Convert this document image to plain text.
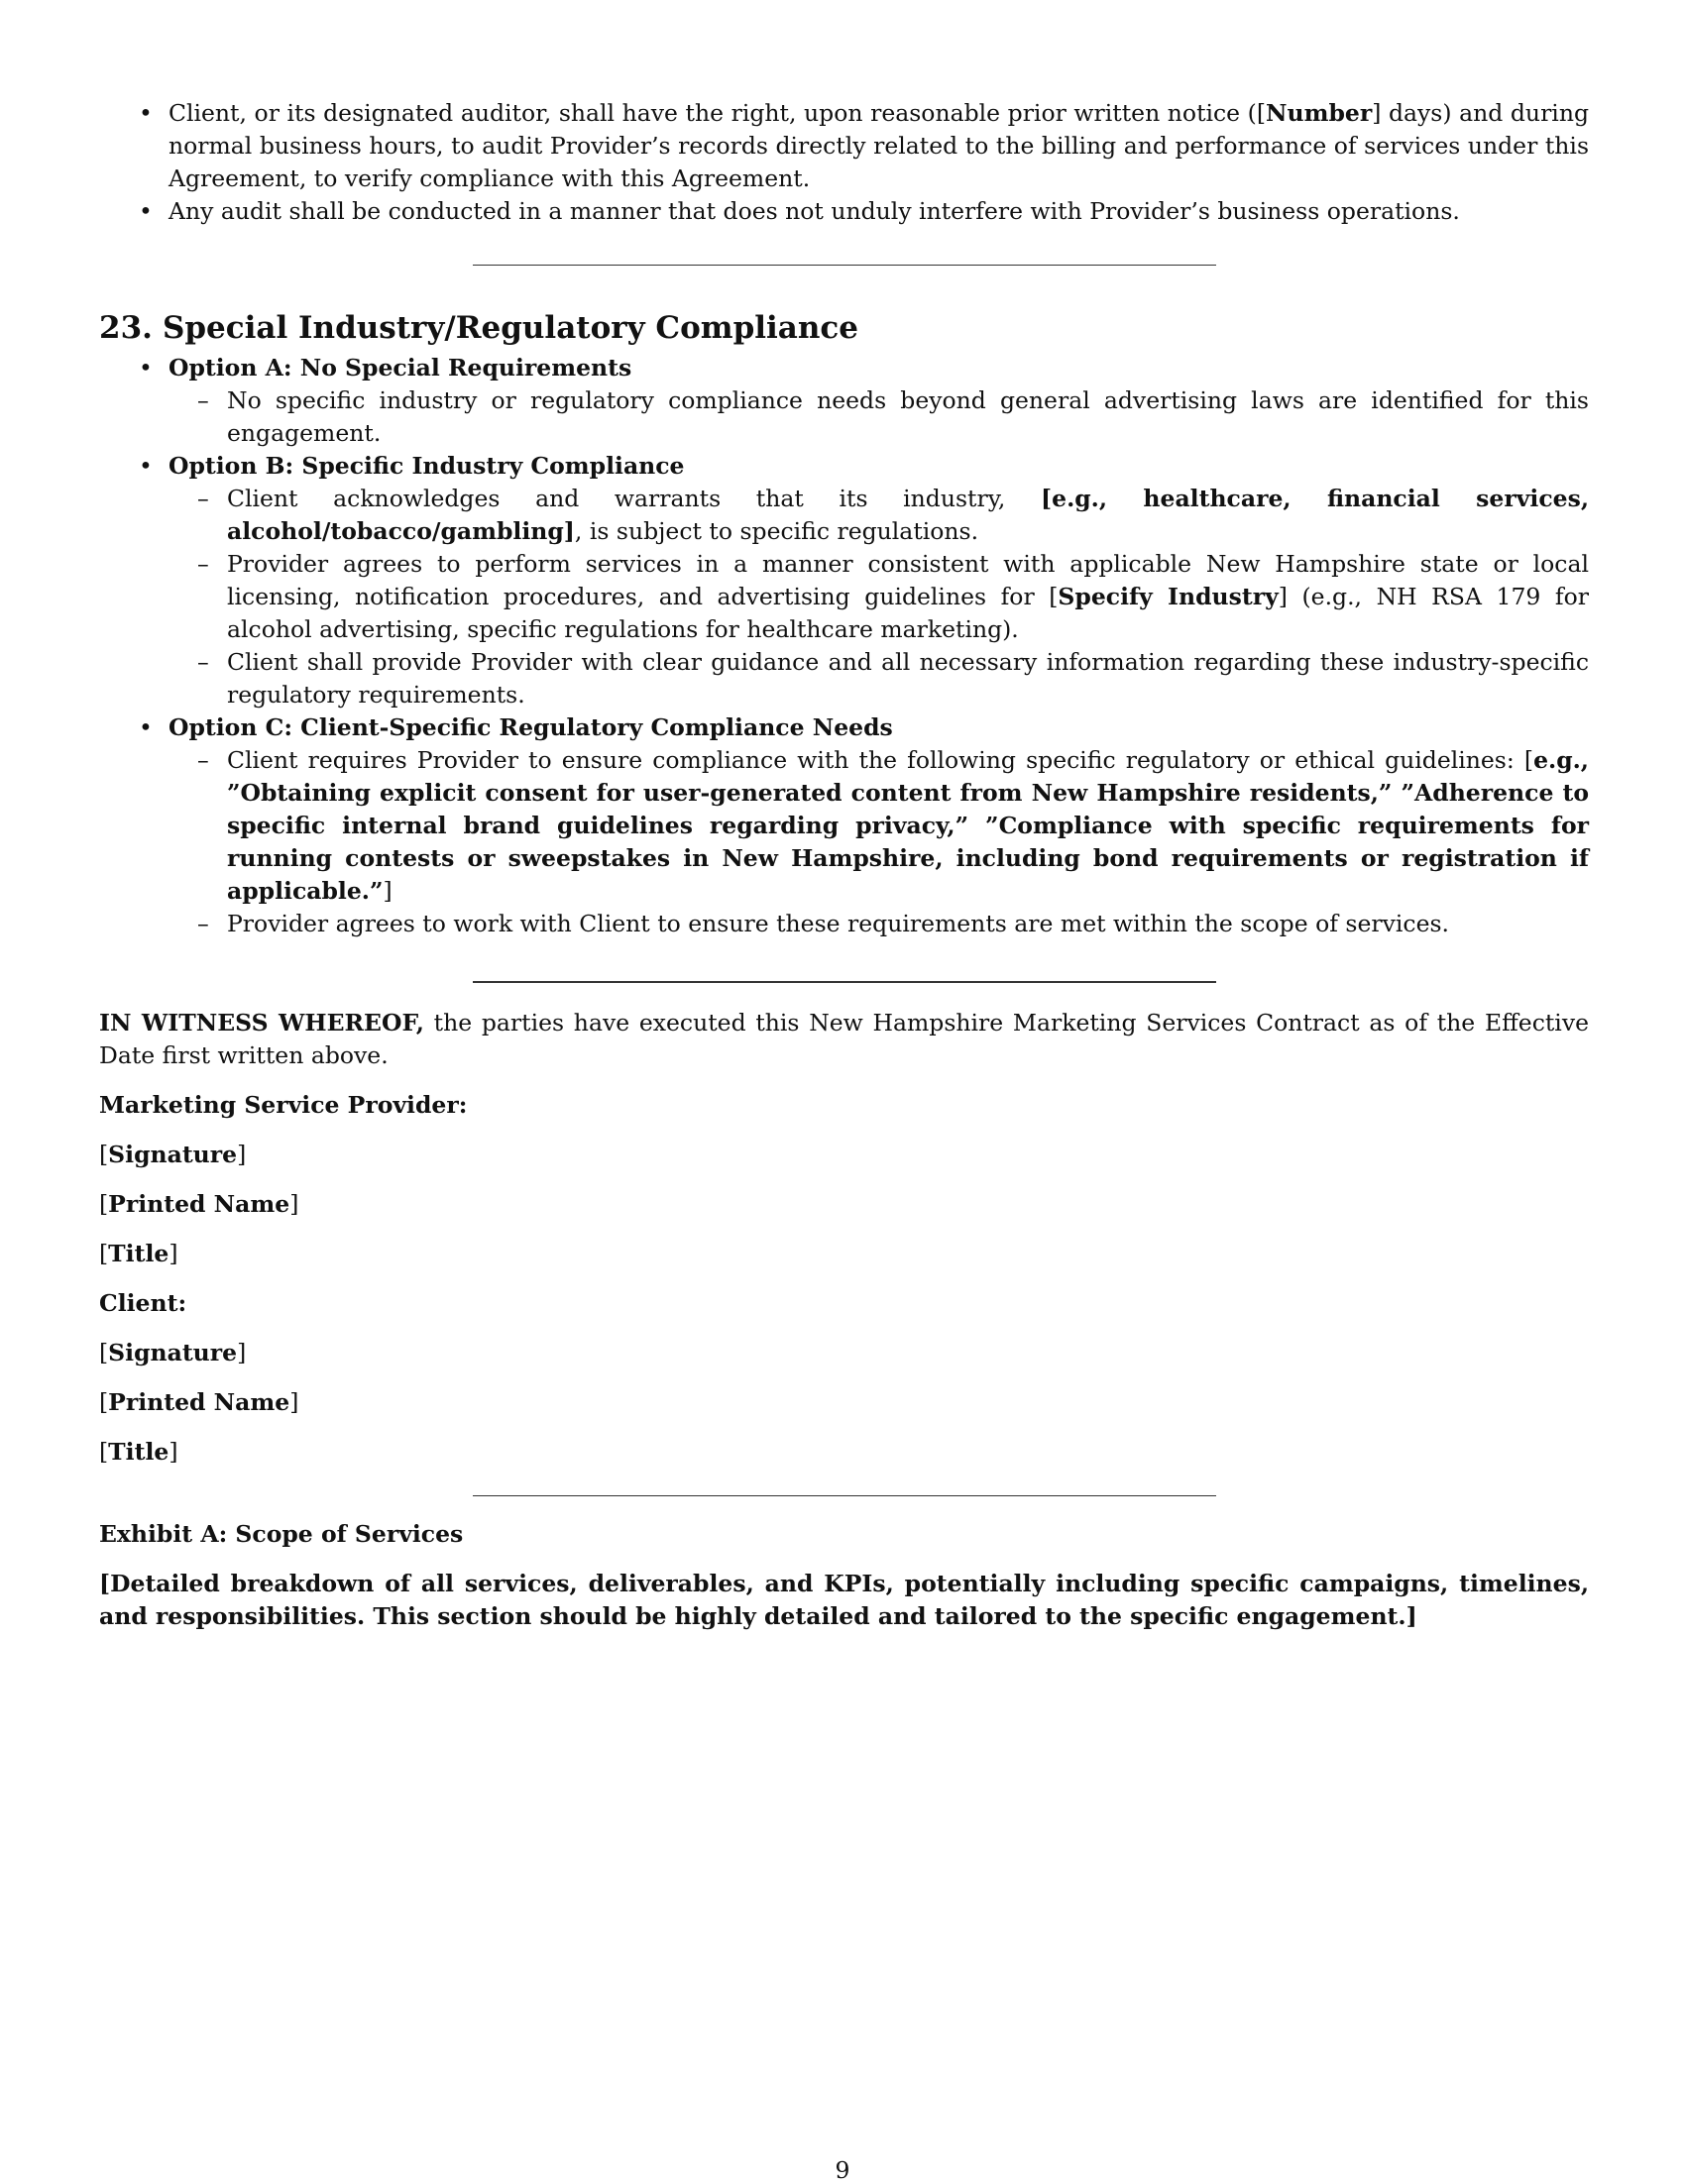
• Client, or its designated auditor, shall have the right, upon reasonable prior written notice ([Number] days) and during normal business hours, to audit Provider’s records directly related to the billing and performance of services under this Agreement, to verify compliance with this Agreement.
• Any audit shall be conducted in a manner that does not unduly interfere with Provider’s business operations.
23. Special Industry/Regulatory Compliance
• Option A: No Special Requirements
– No specific industry or regulatory compliance needs beyond general advertising laws are identified for this engagement.
• Option B: Specific Industry Compliance
– Client acknowledges and warrants that its industry, [e.g., healthcare, financial services, alcohol/tobacco/gambling], is subject to specific regulations.
– Provider agrees to perform services in a manner consistent with applicable New Hampshire state or local licensing, notification procedures, and advertising guidelines for [Specify Industry] (e.g., NH RSA 179 for alcohol advertising, specific regulations for healthcare marketing).
– Client shall provide Provider with clear guidance and all necessary information regarding these industry-specific regulatory requirements.
• Option C: Client-Specific Regulatory Compliance Needs
– Client requires Provider to ensure compliance with the following specific regulatory or ethical guidelines: [e.g., ”Obtaining explicit consent for user-generated content from New Hampshire residents,” ”Adherence to specific internal brand guidelines regarding privacy,” ”Compliance with specific requirements for running contests or sweepstakes in New Hampshire, including bond requirements or registration if applicable.”]
– Provider agrees to work with Client to ensure these requirements are met within the scope of services.

IN WITNESS WHEREOF, the parties have executed this New Hampshire Marketing Services Contract as of the Effective Date first written above.

Marketing Service Provider:

[Signature]

[Printed Name]

[Title]

Client:

[Signature]

[Printed Name]

[Title]

Exhibit A: Scope of Services

[Detailed breakdown of all services, deliverables, and KPIs, potentially including specific campaigns, timelines, and responsibilities. This section should be highly detailed and tailored to the specific engagement.]

9
